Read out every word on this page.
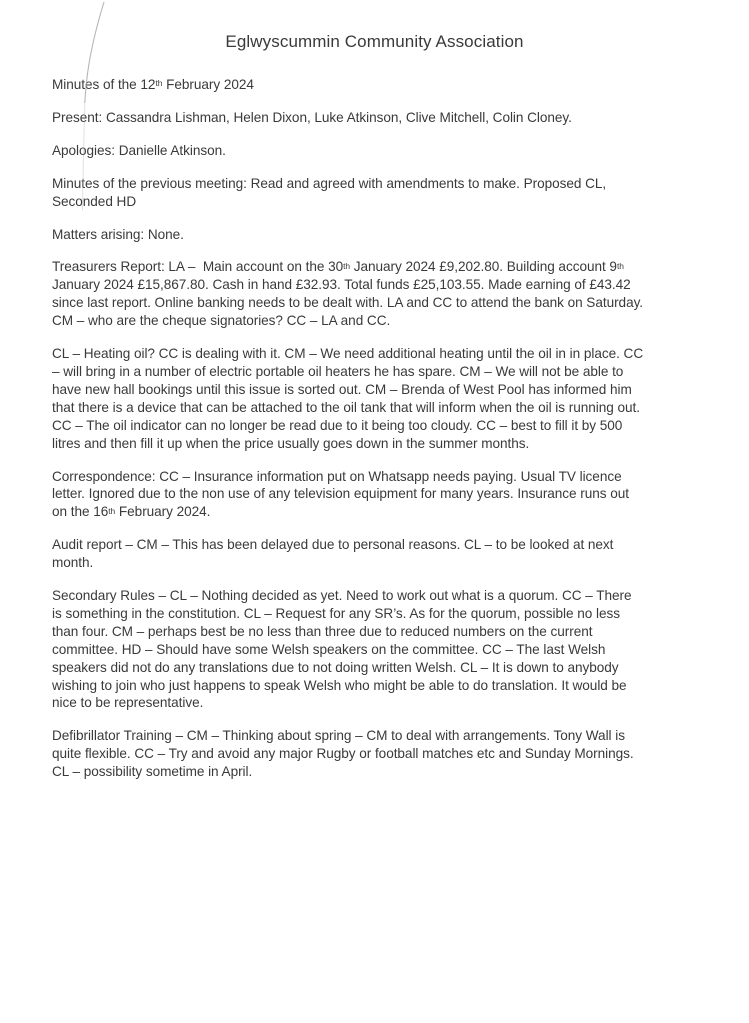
Eglwyscummin Community Association
Minutes of the 12th February 2024
Present: Cassandra Lishman, Helen Dixon, Luke Atkinson, Clive Mitchell, Colin Cloney.
Apologies: Danielle Atkinson.
Minutes of the previous meeting: Read and agreed with amendments to make. Proposed CL,
Seconded HD
Matters arising: None.
Treasurers Report: LA –  Main account on the 30th January 2024 £9,202.80. Building account 9th
January 2024 £15,867.80. Cash in hand £32.93. Total funds £25,103.55. Made earning of £43.42
since last report. Online banking needs to be dealt with. LA and CC to attend the bank on Saturday.
CM – who are the cheque signatories? CC – LA and CC.
CL – Heating oil? CC is dealing with it. CM – We need additional heating until the oil in in place. CC
– will bring in a number of electric portable oil heaters he has spare. CM – We will not be able to
have new hall bookings until this issue is sorted out. CM – Brenda of West Pool has informed him
that there is a device that can be attached to the oil tank that will inform when the oil is running out.
CC – The oil indicator can no longer be read due to it being too cloudy. CC – best to fill it by 500
litres and then fill it up when the price usually goes down in the summer months.
Correspondence: CC – Insurance information put on Whatsapp needs paying. Usual TV licence
letter. Ignored due to the non use of any television equipment for many years. Insurance runs out
on the 16th February 2024.
Audit report – CM – This has been delayed due to personal reasons. CL – to be looked at next
month.
Secondary Rules – CL – Nothing decided as yet. Need to work out what is a quorum. CC – There
is something in the constitution. CL – Request for any SR’s. As for the quorum, possible no less
than four. CM – perhaps best be no less than three due to reduced numbers on the current
committee. HD – Should have some Welsh speakers on the committee. CC – The last Welsh
speakers did not do any translations due to not doing written Welsh. CL – It is down to anybody
wishing to join who just happens to speak Welsh who might be able to do translation. It would be
nice to be representative.
Defibrillator Training – CM – Thinking about spring – CM to deal with arrangements. Tony Wall is
quite flexible. CC – Try and avoid any major Rugby or football matches etc and Sunday Mornings.
CL – possibility sometime in April.
